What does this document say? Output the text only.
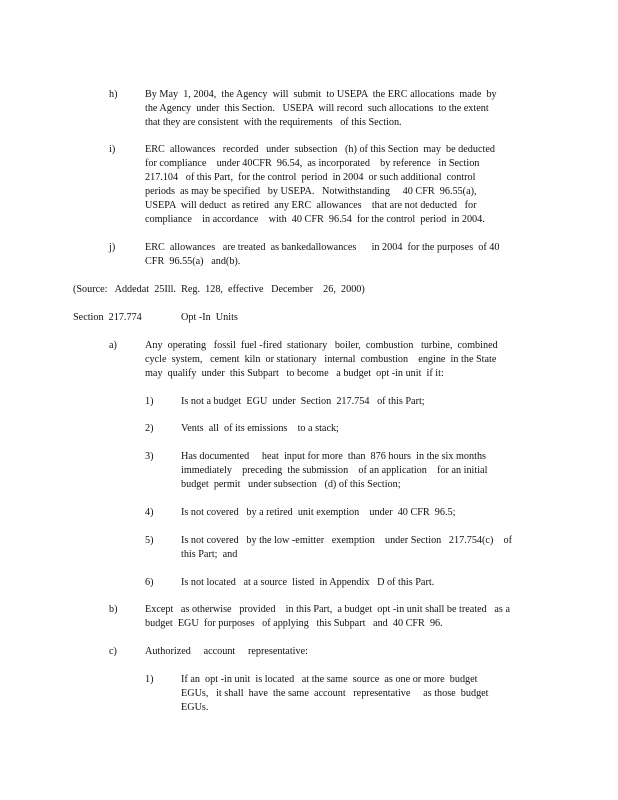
h)	By May  1, 2004,  the Agency  will  submit  to USEPA  the ERC allocations  made  by
the Agency  under  this Section.   USEPA  will record  such allocations  to the extent
that they are consistent  with the requirements   of this Section.
i)	ERC  allowances   recorded   under  subsection   (h) of this Section  may  be deducted
for compliance    under 40CFR  96.54,  as incorporated    by reference   in Section
217.104   of this Part,  for the control  period  in 2004  or such additional  control
periods  as may be specified   by USEPA.   Notwithstanding     40 CFR  96.55(a),
USEPA  will deduct  as retired  any ERC  allowances    that are not deducted   for
compliance    in accordance    with  40 CFR  96.54  for the control  period  in 2004.
j)	ERC  allowances   are treated  as bankedallowances      in 2004  for the purposes  of 40
CFR  96.55(a)   and(b).
(Source:   Addedat  25Ill.  Reg.  128,  effective   December    26,  2000)
Section  217.774	Opt -In  Units
a)	Any  operating   fossil  fuel -fired  stationary   boiler,  combustion   turbine,  combined
cycle  system,   cement  kiln  or stationary   internal  combustion    engine  in the State
may  qualify  under  this Subpart   to become   a budget  opt -in unit  if it:
1)	Is not a budget  EGU  under  Section  217.754   of this Part;
2)	Vents  all  of its emissions    to a stack;
3)	Has documented     heat  input for more  than  876 hours  in the six months
immediately    preceding  the submission    of an application    for an initial
budget  permit   under subsection   (d) of this Section;
4)	Is not covered   by a retired  unit exemption    under  40 CFR  96.5;
5)	Is not covered   by the low -emitter   exemption    under Section   217.754(c)    of
this Part;  and
6)	Is not located   at a source  listed  in Appendix   D of this Part.
b)	Except   as otherwise   provided    in this Part,  a budget  opt -in unit shall be treated   as a
budget  EGU  for purposes   of applying   this Subpart   and  40 CFR  96.
c)	Authorized     account     representative:
1)	If an  opt -in unit  is located   at the same  source  as one or more  budget
EGUs,   it shall  have  the same  account   representative     as those  budget
EGUs.
